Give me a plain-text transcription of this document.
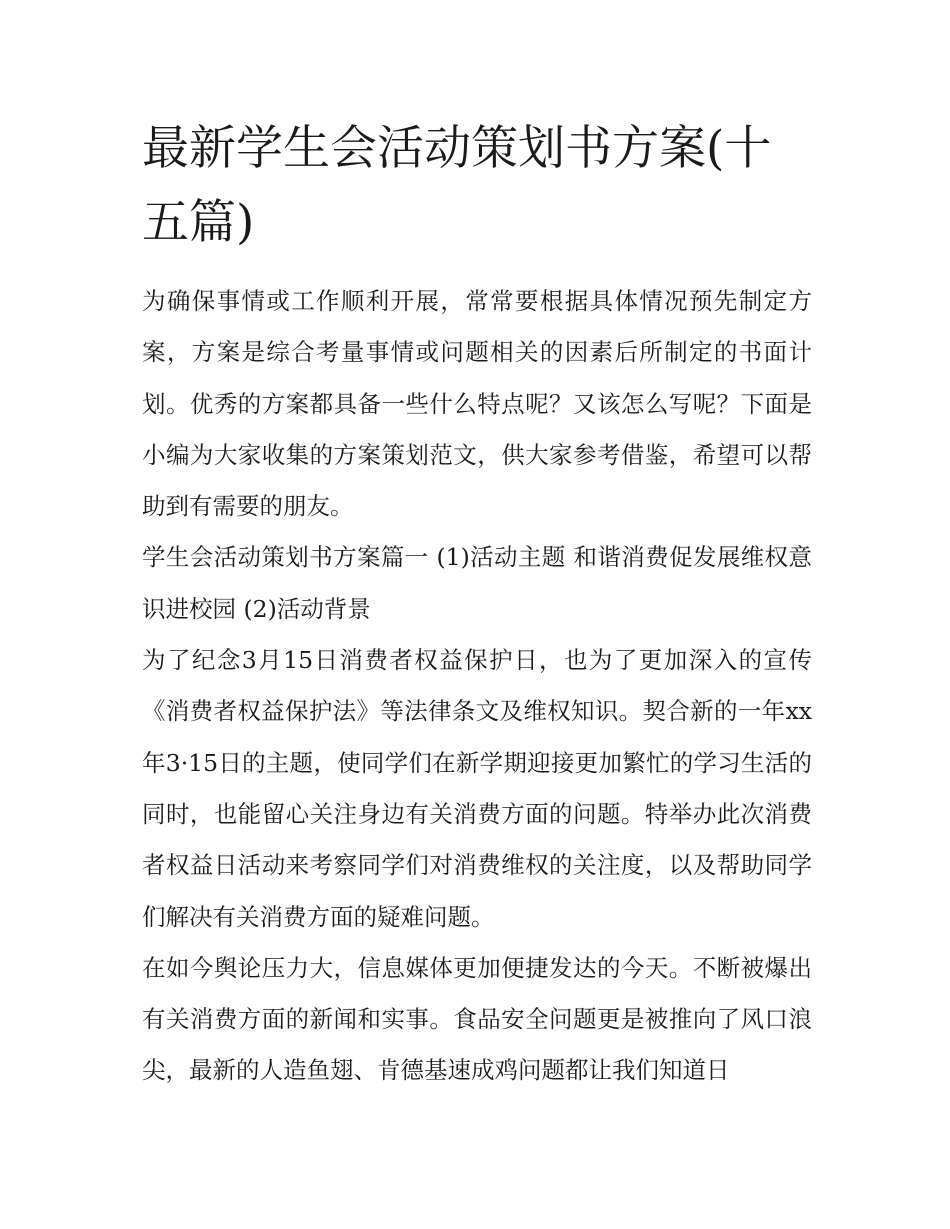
最新学生会活动策划书方案(十五篇)

为确保事情或工作顺利开展，常常要根据具体情况预先制定方案，方案是综合考量事情或问题相关的因素后所制定的书面计划。优秀的方案都具备一些什么特点呢？又该怎么写呢？下面是小编为大家收集的方案策划范文，供大家参考借鉴，希望可以帮助到有需要的朋友。

学生会活动策划书方案篇一 (1)活动主题 和谐消费促发展维权意识进校园 (2)活动背景

为了纪念3月15日消费者权益保护日，也为了更加深入的宣传《消费者权益保护法》等法律条文及维权知识。契合新的一年xx年3·15日的主题，使同学们在新学期迎接更加繁忙的学习生活的同时，也能留心关注身边有关消费方面的问题。特举办此次消费者权益日活动来考察同学们对消费维权的关注度，以及帮助同学们解决有关消费方面的疑难问题。

在如今舆论压力大，信息媒体更加便捷发达的今天。不断被爆出有关消费方面的新闻和实事。食品安全问题更是被推向了风口浪尖，最新的人造鱼翅、肯德基速成鸡问题都让我们知道日
